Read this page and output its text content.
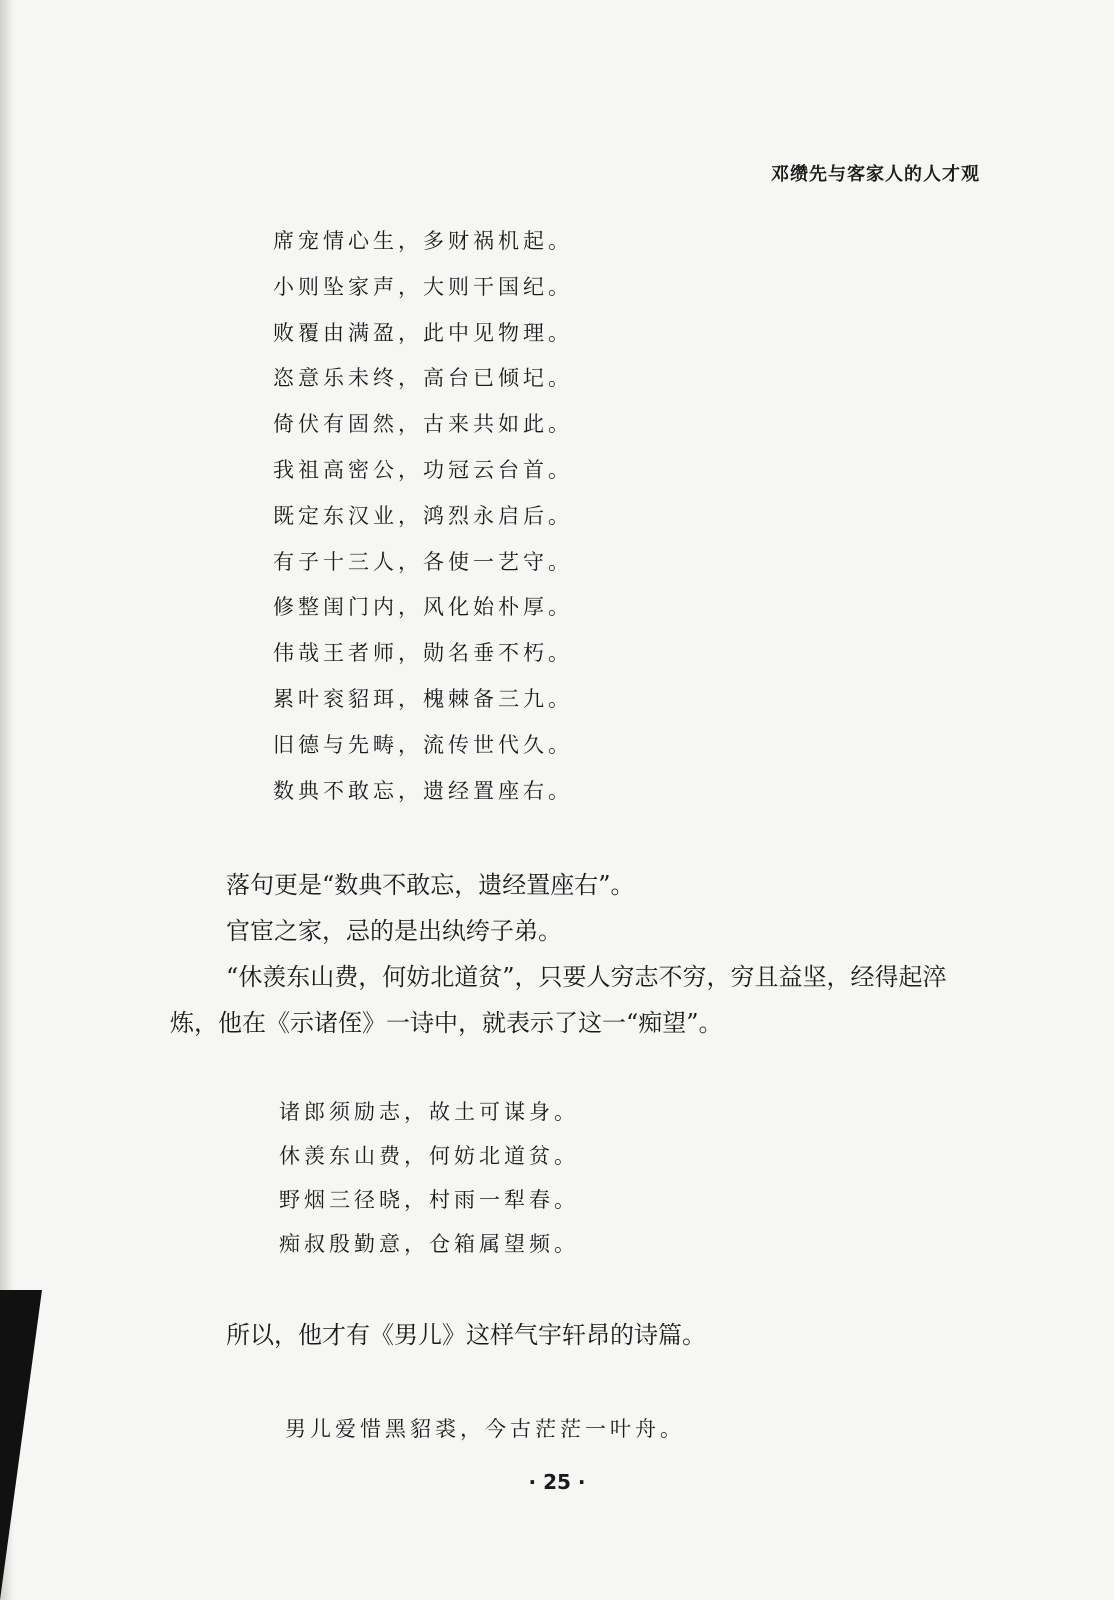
邓缵先与客家人的人才观
席宠情心生，多财祸机起。
小则坠家声，大则干国纪。
败覆由满盈，此中见物理。
恣意乐未终，高台已倾圮。
倚伏有固然，古来共如此。
我祖高密公，功冠云台首。
既定东汉业，鸿烈永启后。
有子十三人，各使一艺守。
修整闺门内，风化始朴厚。
伟哉王者师，勋名垂不朽。
累叶衮貂珥，槐棘备三九。
旧德与先畴，流传世代久。
数典不敢忘，遗经置座右。

落句更是“数典不敢忘，遗经置座右”。

官宦之家，忌的是出纨绔子弟。

“休羡东山费，何妨北道贫”，只要人穷志不穷，穷且益坚，经得起淬炼，他在《示诸侄》一诗中，就表示了这一“痴望”。

诸郎须励志，故土可谋身。
休羡东山费，何妨北道贫。
野烟三径晓，村雨一犁春。
痴叔殷勤意，仓箱属望频。

所以，他才有《男儿》这样气宇轩昂的诗篇。

男儿爱惜黑貂裘，今古茫茫一叶舟。
· 25 ·
